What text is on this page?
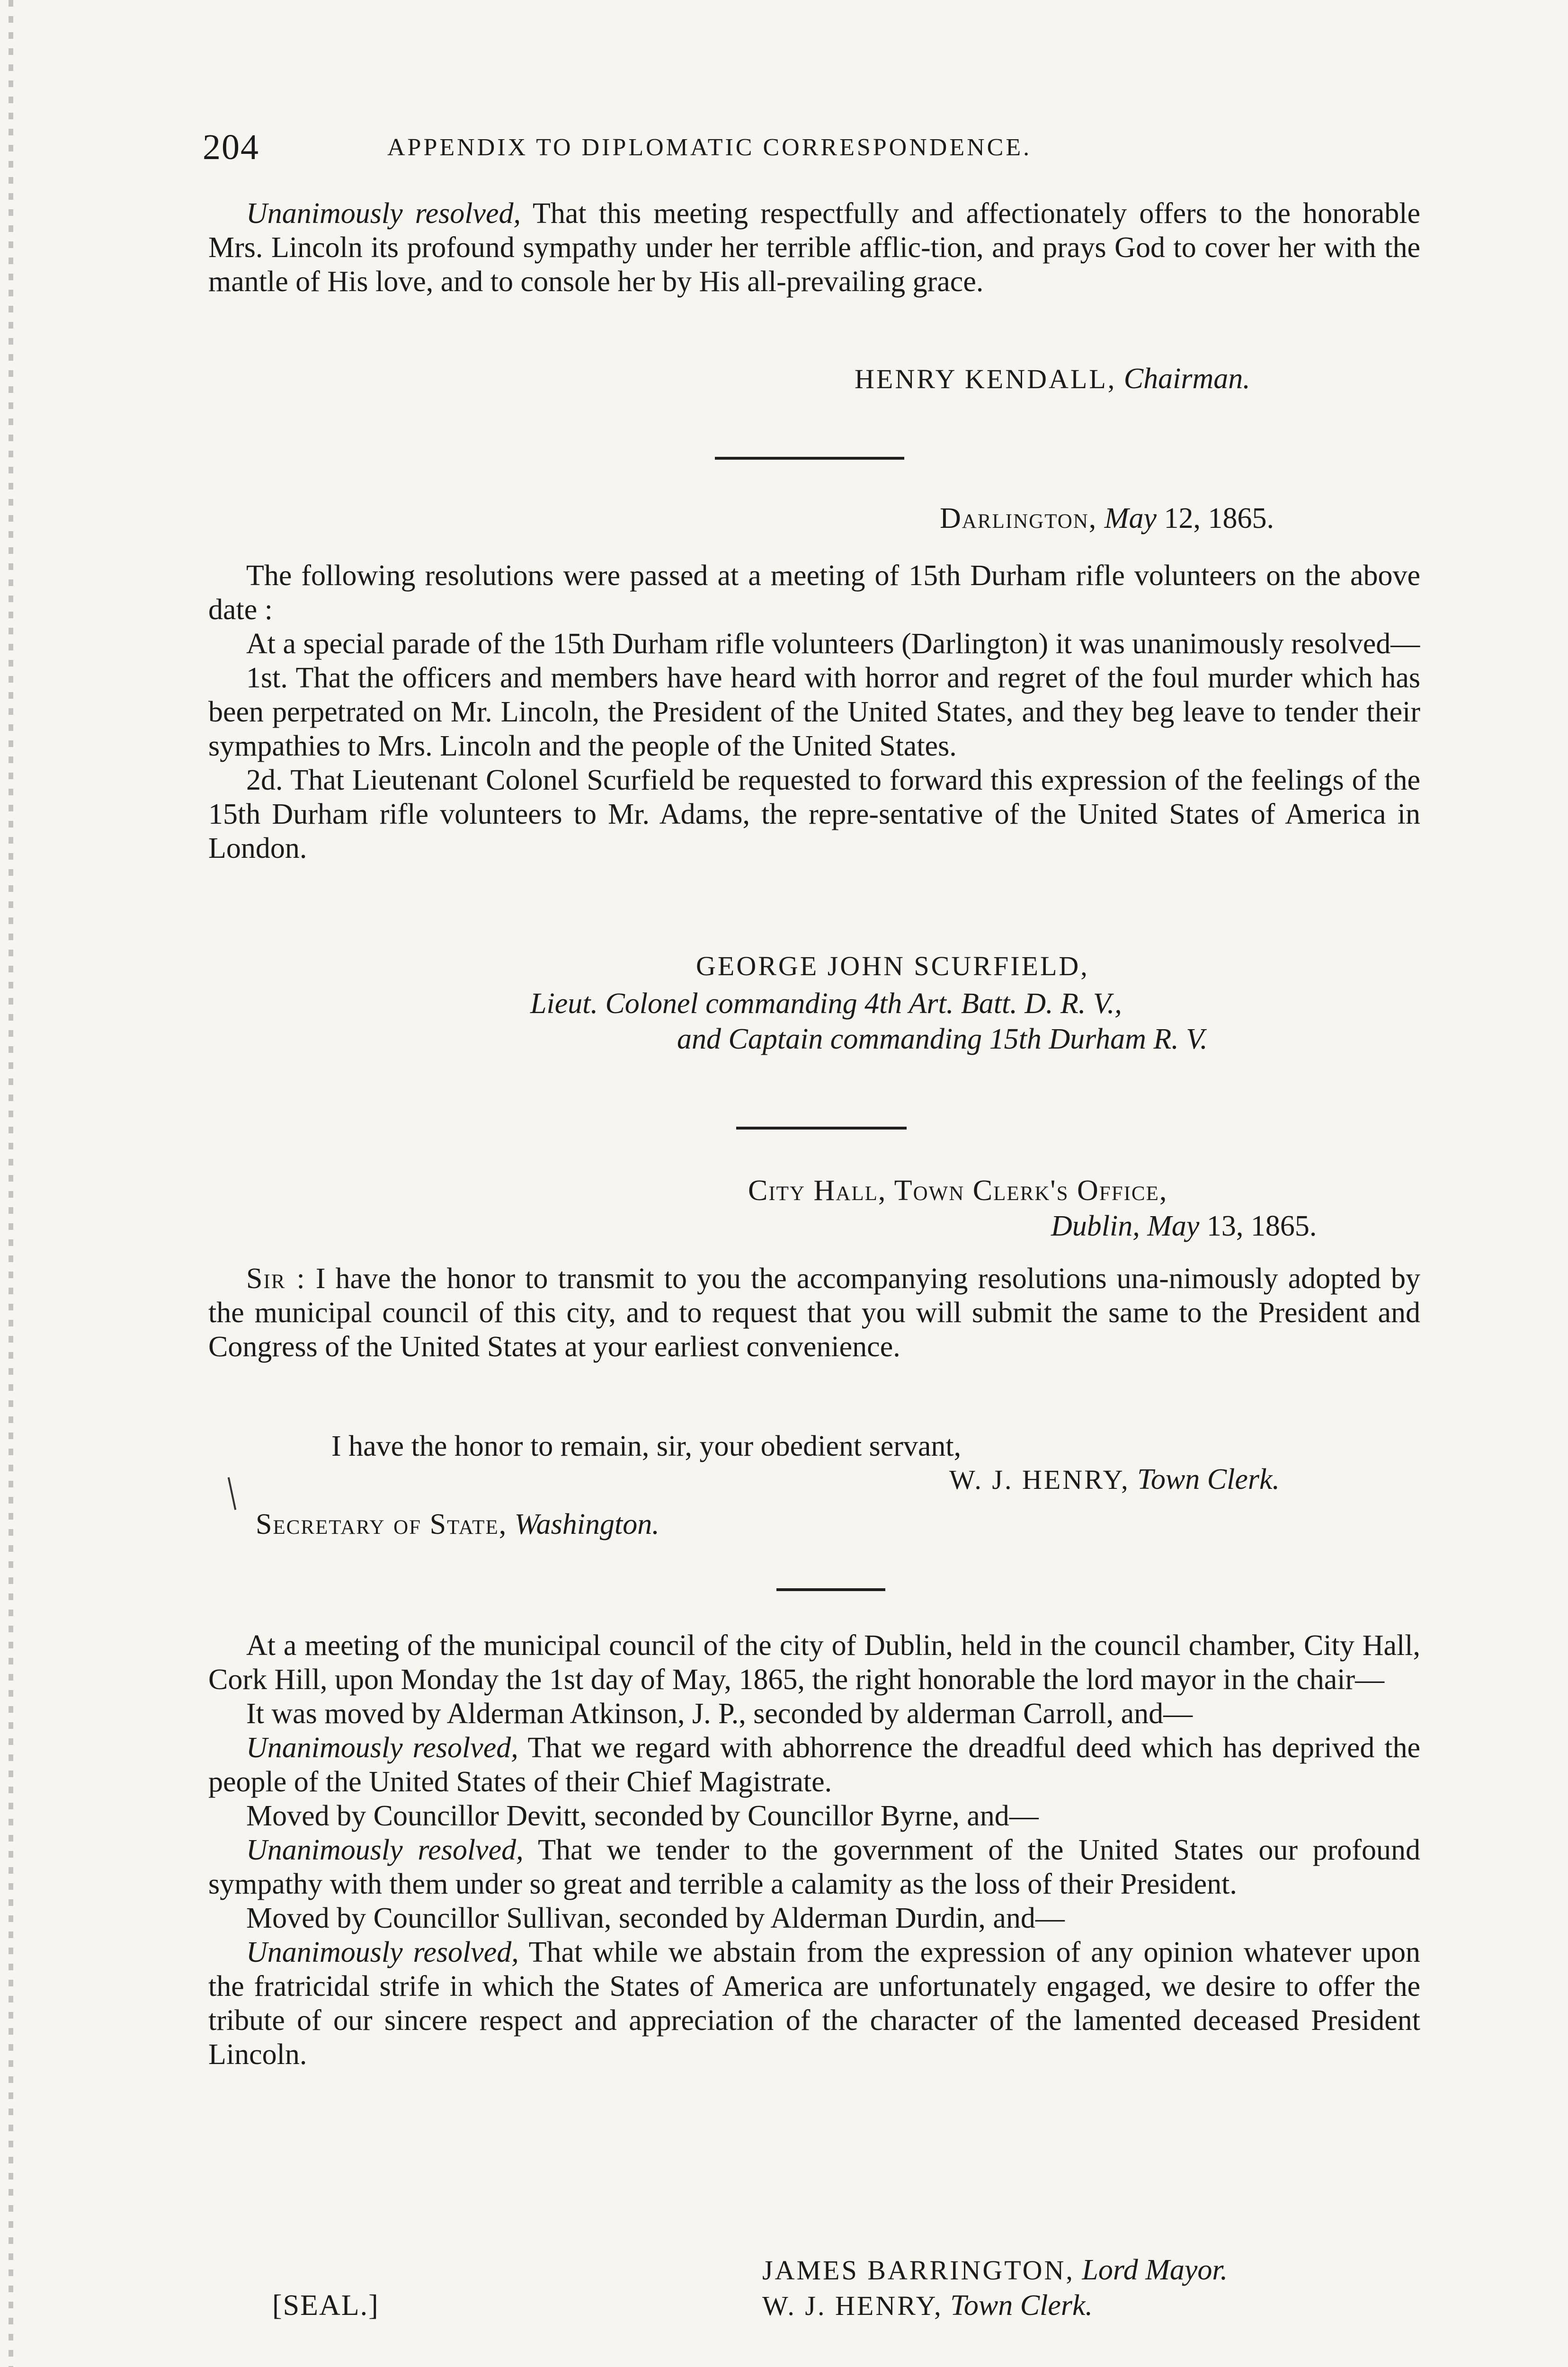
204	APPENDIX TO DIPLOMATIC CORRESPONDENCE.

Unanimously resolved, That this meeting respectfully and affectionately offers to the honorable Mrs. Lincoln its profound sympathy under her terrible afflic-tion, and prays God to cover her with the mantle of His love, and to console her by His all-prevailing grace.

HENRY KENDALL, Chairman.
Darlington, May 12, 1865.

The following resolutions were passed at a meeting of 15th Durham rifle volunteers on the above date :

At a special parade of the 15th Durham rifle volunteers (Darlington) it was unanimously resolved—

1st. That the officers and members have heard with horror and regret of the foul murder which has been perpetrated on Mr. Lincoln, the President of the United States, and they beg leave to tender their sympathies to Mrs. Lincoln and the people of the United States.

2d. That Lieutenant Colonel Scurfield be requested to forward this expression of the feelings of the 15th Durham rifle volunteers to Mr. Adams, the repre-sentative of the United States of America in London.

GEORGE JOHN SCURFIELD,
Lieut. Colonel commanding 4th Art. Batt. D. R. V.,
and Captain commanding 15th Durham R. V.
City Hall, Town Clerk's Office,
Dublin, May 13, 1865.

Sir : I have the honor to transmit to you the accompanying resolutions una-nimously adopted by the municipal council of this city, and to request that you will submit the same to the President and Congress of the United States at your earliest convenience.

I have the honor to remain, sir, your obedient servant,
W. J. HENRY, Town Clerk.
Secretary of State, Washington.

At a meeting of the municipal council of the city of Dublin, held in the council chamber, City Hall, Cork Hill, upon Monday the 1st day of May, 1865, the right honorable the lord mayor in the chair—

It was moved by Alderman Atkinson, J. P., seconded by alderman Carroll, and—

Unanimously resolved, That we regard with abhorrence the dreadful deed which has deprived the people of the United States of their Chief Magistrate.

Moved by Councillor Devitt, seconded by Councillor Byrne, and—

Unanimously resolved, That we tender to the government of the United States our profound sympathy with them under so great and terrible a calamity as the loss of their President.

Moved by Councillor Sullivan, seconded by Alderman Durdin, and—

Unanimously resolved, That while we abstain from the expression of any opinion whatever upon the fratricidal strife in which the States of America are unfortunately engaged, we desire to offer the tribute of our sincere respect and appreciation of the character of the lamented deceased President Lincoln.

JAMES BARRINGTON, Lord Mayor.
[SEAL.]	W. J. HENRY, Town Clerk.
